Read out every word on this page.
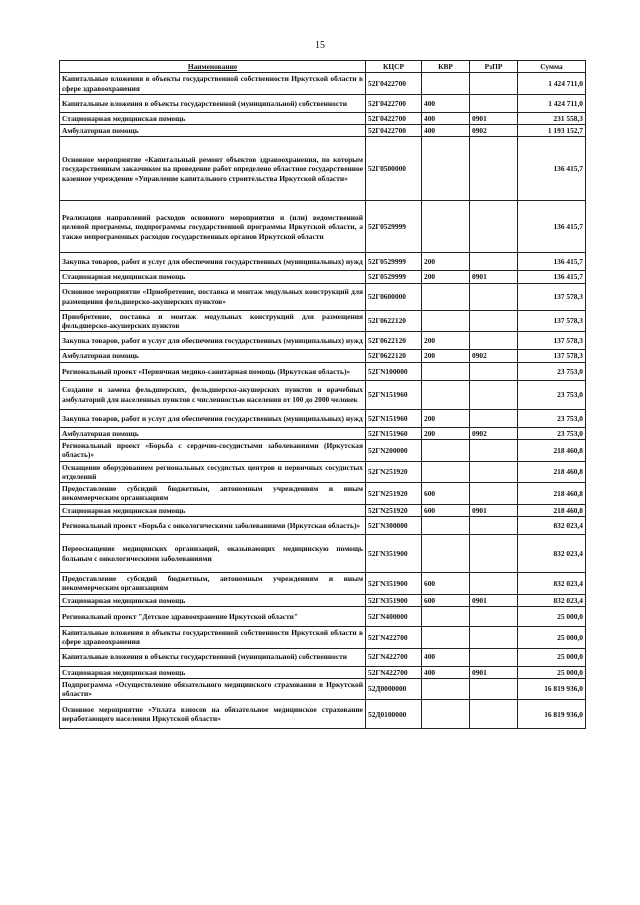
15
Наименование	КЦСР	КВР	РзПР	Сумма
Капитальные вложения в объекты государственной собственности Иркутской области в сфере здравоохранения	52Г0422700			1 424 711,0
Капитальные вложения в объекты государственной (муниципальной) собственности	52Г0422700	400		1 424 711,0
Стационарная медицинская помощь	52Г0422700	400	0901	231 558,3
Амбулаторная помощь	52Г0422700	400	0902	1 193 152,7
Основное мероприятие «Капитальный ремонт объектов здравоохранения, по которым государственным заказчиком на проведение работ определено областное государственное казенное учреждение «Управление капитального строительства Иркутской области»	52Г0500000			136 415,7
Реализация направлений расходов основного мероприятия и (или) ведомственной целевой программы, подпрограммы государственной программы Иркутской области, а также непрограммных расходов государственных органов Иркутской области	52Г0529999			136 415,7
Закупка товаров, работ и услуг для обеспечения государственных (муниципальных) нужд	52Г0529999	200		136 415,7
Стационарная медицинская помощь	52Г0529999	200	0901	136 415,7
Основное мероприятие «Приобретение, поставка и монтаж модульных конструкций для размещения фельдшерско-акушерских пунктов»	52Г0600000			137 578,3
Приобретение, поставка и монтаж модульных конструкций для размещения фельдшерско-акушерских пунктов	52Г0622120			137 578,3
Закупка товаров, работ и услуг для обеспечения государственных (муниципальных) нужд	52Г0622120	200		137 578,3
Амбулаторная помощь	52Г0622120	200	0902	137 578,3
Региональный проект «Первичная медико-санитарная помощь (Иркутская область)»	52ГN100000			23 753,0
Создание и замена фельдшерских, фельдшерско-акушерских пунктов и врачебных амбулаторий для населенных пунктов с численностью населения от 100 до 2000 человек	52ГN151960			23 753,0
Закупка товаров, работ и услуг для обеспечения государственных (муниципальных) нужд	52ГN151960	200		23 753,0
Амбулаторная помощь	52ГN151960	200	0902	23 753,0
Региональный проект «Борьба с сердечно-сосудистыми заболеваниями (Иркутская область)»	52ГN200000			218 460,8
Оснащение оборудованием региональных сосудистых центров и первичных сосудистых отделений	52ГN251920			218 460,8
Предоставление субсидий бюджетным, автономным учреждениям и иным некоммерческим организациям	52ГN251920	600		218 460,8
Стационарная медицинская помощь	52ГN251920	600	0901	218 460,8
Региональный проект «Борьба с онкологическими заболеваниями (Иркутская область)»	52ГN300000			832 023,4
Переоснащение медицинских организаций, оказывающих медицинскую помощь больным с онкологическими заболеваниями	52ГN351900			832 023,4
Предоставление субсидий бюджетным, автономным учреждениям и иным некоммерческим организациям	52ГN351900	600		832 023,4
Стационарная медицинская помощь	52ГN351900	600	0901	832 023,4
Региональный проект "Детское здравоохранение Иркутской области"	52ГN400000			25 000,0
Капитальные вложения в объекты государственной собственности Иркутской области в сфере здравоохранения	52ГN422700			25 000,0
Капитальные вложения в объекты государственной (муниципальной) собственности	52ГN422700	400		25 000,0
Стационарная медицинская помощь	52ГN422700	400	0901	25 000,0
Подпрограмма «Осуществление обязательного медицинского страхования в Иркутской области»	52Д0000000			16 819 936,0
Основное мероприятие «Уплата взносов на обязательное медицинское страхование неработающего населения Иркутской области»	52Д0100000			16 819 936,0
